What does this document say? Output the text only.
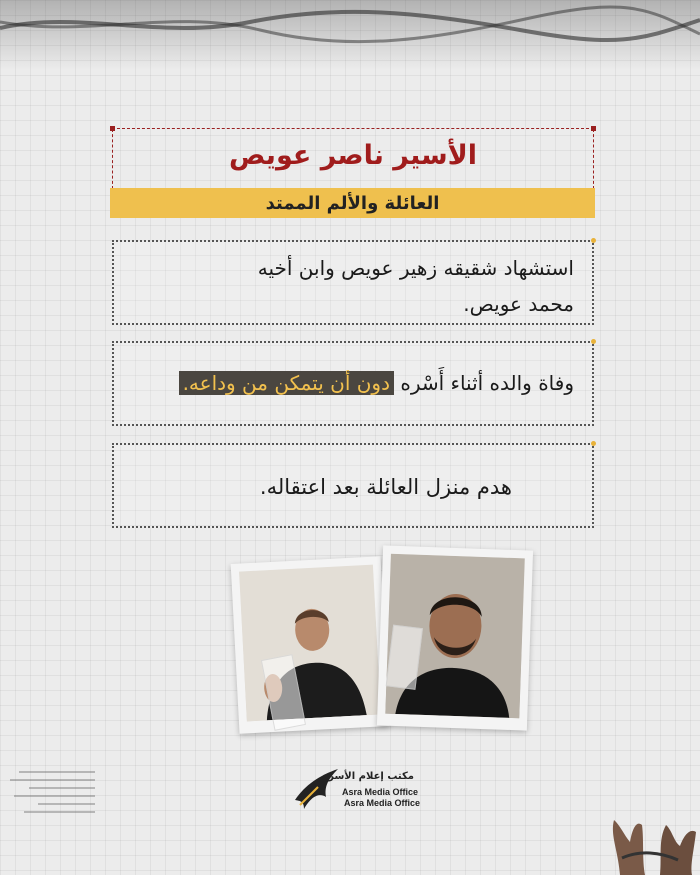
الأسير ناصر عويص
العائلة والألم الممتد
استشهاد شقيقه زهير عويص وابن أخيه
محمد عويص.
وفاة والده أثناء أَسْره دون أن يتمكن من وداعه.
هدم منزل العائلة بعد اعتقاله.
مكتب إعلام الأسرى
Asra Media Office
Asra Media Office
